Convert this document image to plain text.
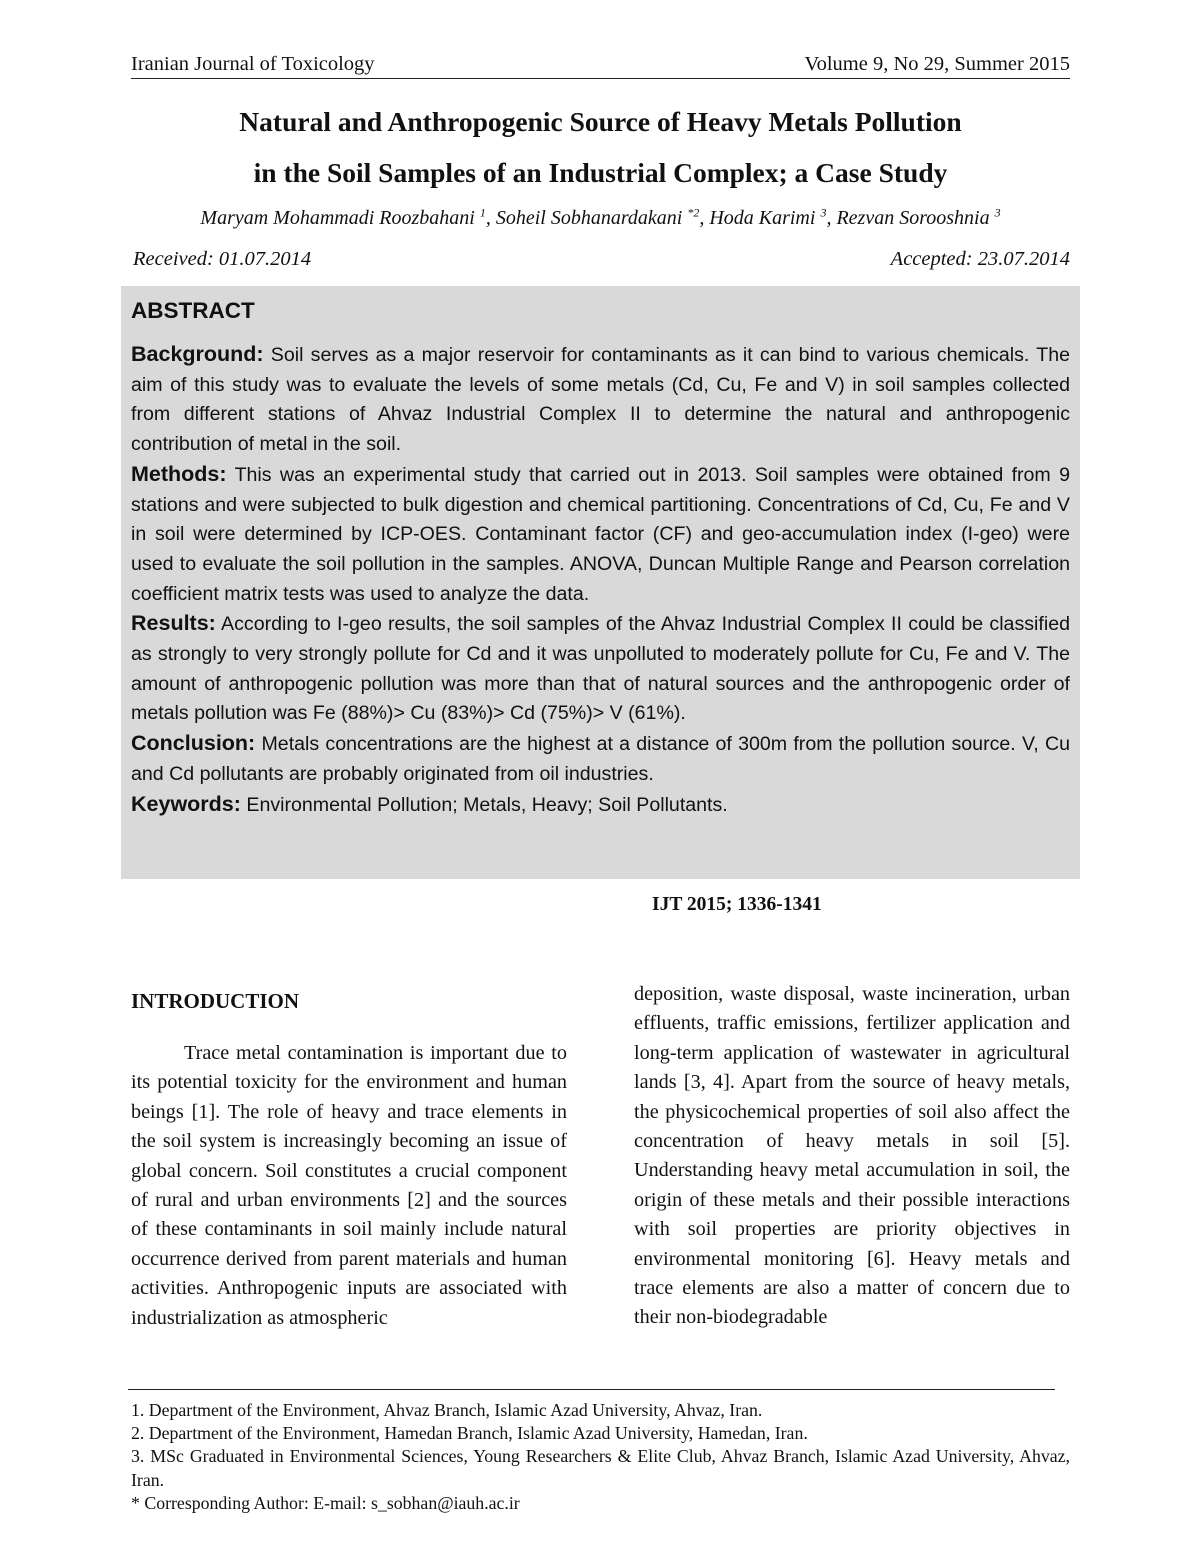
Iranian Journal of Toxicology	Volume 9, No 29, Summer 2015
Natural and Anthropogenic Source of Heavy Metals Pollution
in the Soil Samples of an Industrial Complex; a Case Study
Maryam Mohammadi Roozbahani $^1$, Soheil Sobhanardakani $^{*2}$, Hoda Karimi $^3$, Rezvan Sorooshnia $^3$
Received: 01.07.2014	Accepted: 23.07.2014
ABSTRACT

Background: Soil serves as a major reservoir for contaminants as it can bind to various chemicals. The aim of this study was to evaluate the levels of some metals (Cd, Cu, Fe and V) in soil samples collected from different stations of Ahvaz Industrial Complex II to determine the natural and anthropogenic contribution of metal in the soil.

Methods: This was an experimental study that carried out in 2013. Soil samples were obtained from 9 stations and were subjected to bulk digestion and chemical partitioning. Concentrations of Cd, Cu, Fe and V in soil were determined by ICP-OES. Contaminant factor (CF) and geo-accumulation index (I-geo) were used to evaluate the soil pollution in the samples. ANOVA, Duncan Multiple Range and Pearson correlation coefficient matrix tests was used to analyze the data.

Results: According to I-geo results, the soil samples of the Ahvaz Industrial Complex II could be classified as strongly to very strongly pollute for Cd and it was unpolluted to moderately pollute for Cu, Fe and V. The amount of anthropogenic pollution was more than that of natural sources and the anthropogenic order of metals pollution was Fe (88%)> Cu (83%)> Cd (75%)> V (61%).

Conclusion: Metals concentrations are the highest at a distance of 300m from the pollution source. V, Cu and Cd pollutants are probably originated from oil industries.

Keywords: Environmental Pollution; Metals, Heavy; Soil Pollutants.

IJT 2015; 1336-1341
INTRODUCTION

Trace metal contamination is important due to its potential toxicity for the environment and human beings [1]. The role of heavy and trace elements in the soil system is increasingly becoming an issue of global concern. Soil constitutes a crucial component of rural and urban environments [2] and the sources of these contaminants in soil mainly include natural occurrence derived from parent materials and human activities. Anthropogenic inputs are associated with industrialization as atmospheric

deposition, waste disposal, waste incineration, urban effluents, traffic emissions, fertilizer application and long-term application of wastewater in agricultural lands [3, 4]. Apart from the source of heavy metals, the physicochemical properties of soil also affect the concentration of heavy metals in soil [5]. Understanding heavy metal accumulation in soil, the origin of these metals and their possible interactions with soil properties are priority objectives in environmental monitoring [6]. Heavy metals and trace elements are also a matter of concern due to their non-biodegradable

1. Department of the Environment, Ahvaz Branch, Islamic Azad University, Ahvaz, Iran.

2. Department of the Environment, Hamedan Branch, Islamic Azad University, Hamedan, Iran.

3. MSc Graduated in Environmental Sciences, Young Researchers & Elite Club, Ahvaz Branch, Islamic Azad University, Ahvaz, Iran.

* Corresponding Author: E-mail: s_sobhan@iauh.ac.ir
